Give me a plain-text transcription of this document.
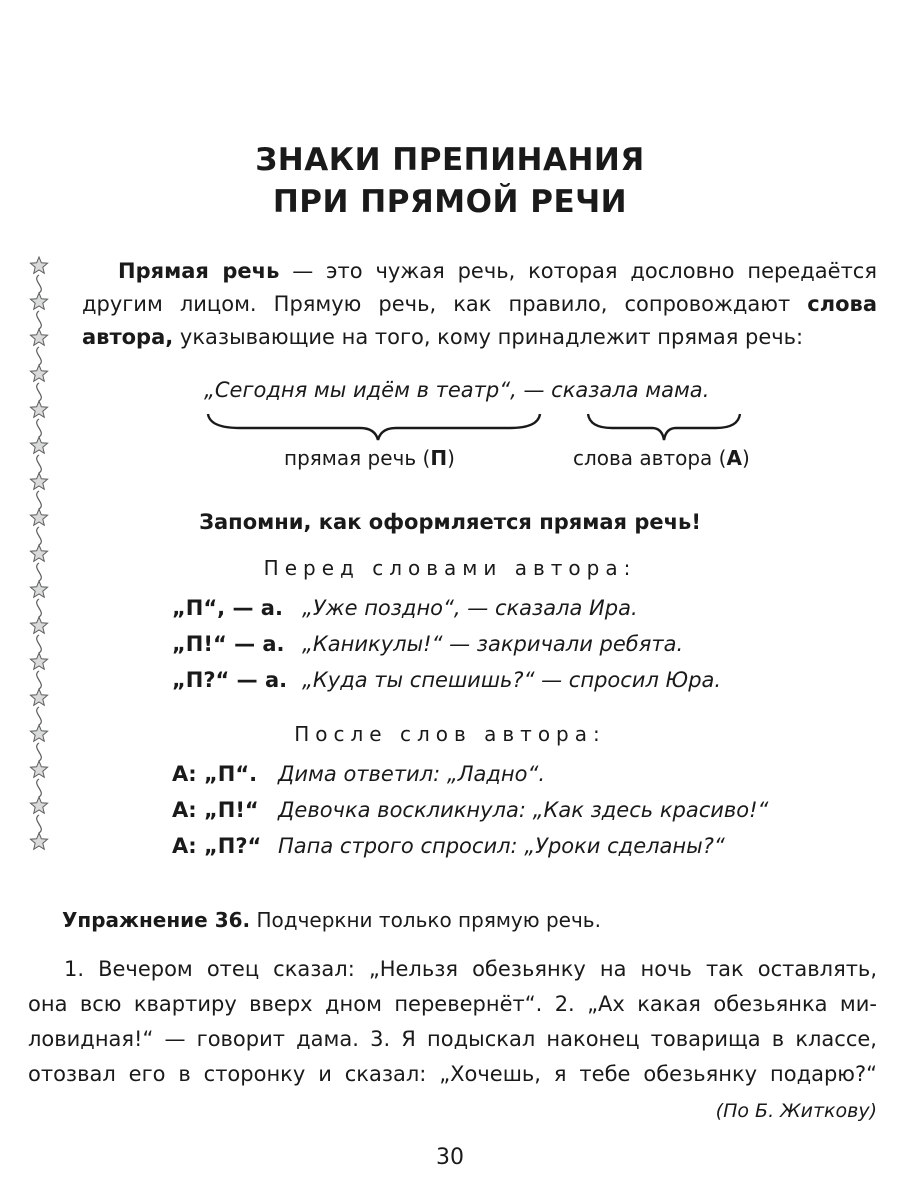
ЗНАКИ ПРЕПИНАНИЯ
ПРИ ПРЯМОЙ РЕЧИ
Прямая речь — это чужая речь, которая дословно передаётся
другим лицом. Прямую речь, как правило, сопровождают слова
автора, указывающие на того, кому принадлежит прямая речь:
„Сегодня мы идём в театр“, — сказала мама.
прямая речь (П)	слова автора (А)
Запомни, как оформляется прямая речь!
Перед словами автора:
„П“, — а. „Уже поздно“, — сказала Ира.
„П!“ — а. „Каникулы!“ — закричали ребята.
„П?“ — а. „Куда ты спешишь?“ — спросил Юра.
После слов автора:
А: „П“. Дима ответил: „Ладно“.
А: „П!“ Девочка воскликнула: „Как здесь красиво!“
А: „П?“ Папа строго спросил: „Уроки сделаны?“
Упражнение 36. Подчеркни только прямую речь.
1. Вечером отец сказал: „Нельзя обезьянку на ночь так оставлять,
она всю квартиру вверх дном перевернёт“. 2. „Ах какая обезьянка ми-
ловидная!“ — говорит дама. 3. Я подыскал наконец товарища в классе,
отозвал его в сторонку и сказал: „Хочешь, я тебе обезьянку подарю?“
(По Б. Житкову)
30
